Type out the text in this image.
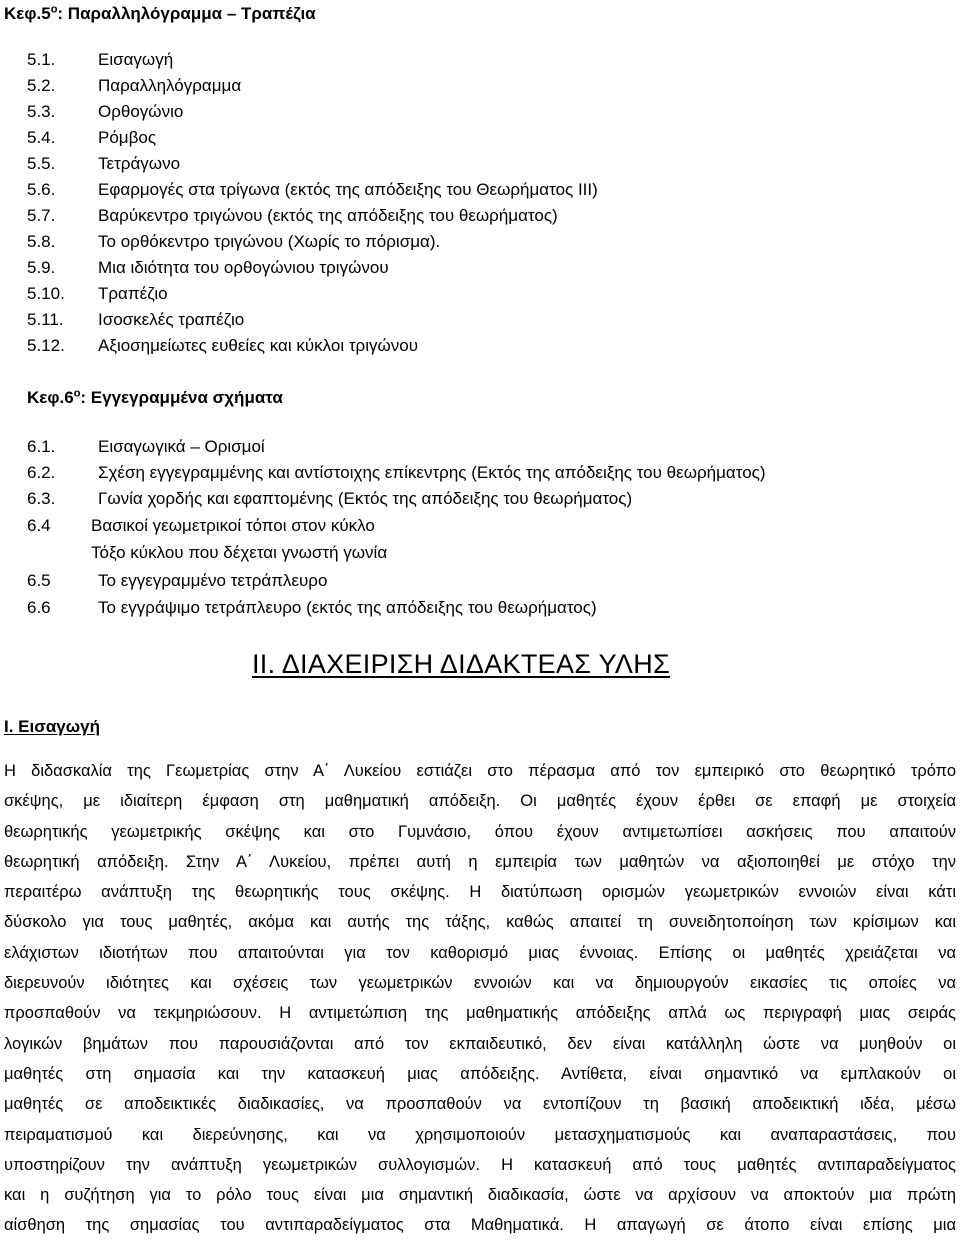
$K\varepsilon\varphi.5^o$: Παραλληλόγραμμα – Τραπέζια
5.1.	Εισαγωγή
5.2.	Παραλληλόγραμμα
5.3.	Ορθογώνιο
5.4.	Ρόμβος
5.5.	Τετράγωνο
5.6.	Εφαρμογές στα τρίγωνα (εκτός της απόδειξης του Θεωρήματος ΙΙΙ)
5.7.	Βαρύκεντρο τριγώνου (εκτός της απόδειξης του θεωρήματος)
5.8.	Το ορθόκεντρο τριγώνου (Χωρίς το πόρισμα).
5.9.	Μια ιδιότητα του ορθογώνιου τριγώνου
5.10. Τραπέζιο
5.11. Ισοσκελές τραπέζιο
5.12. Αξιοσημείωτες ευθείες και κύκλοι τριγώνου
$K\varepsilon\varphi.6^o$: Εγγεγραμμένα σχήματα
6.1.	Εισαγωγικά – Ορισμοί
6.2.	Σχέση εγγεγραμμένης και αντίστοιχης επίκεντρης (Εκτός της απόδειξης του θεωρήματος)
6.3.	Γωνία χορδής και εφαπτομένης (Εκτός της απόδειξης του θεωρήματος)
6.4 Βασικοί γεωμετρικοί τόποι στον κύκλο
Τόξο κύκλου που δέχεται γνωστή γωνία
6.5	Το εγγεγραμμένο τετράπλευρο
6.6	Το εγγράψιμο τετράπλευρο (εκτός της απόδειξης του θεωρήματος)
ΙΙ. ΔΙΑΧΕΙΡΙΣΗ ΔΙΔΑΚΤΕΑΣ ΥΛΗΣ
Ι. Εισαγωγή
Η διδασκαλία της Γεωμετρίας στην Α΄ Λυκείου εστιάζει στο πέρασμα από τον εμπειρικό στο θεωρητικό τρόπο
σκέψης, με ιδιαίτερη έμφαση στη μαθηματική απόδειξη. Οι μαθητές έχουν έρθει σε επαφή με στοιχεία
θεωρητικής γεωμετρικής σκέψης και στο Γυμνάσιο, όπου έχουν αντιμετωπίσει ασκήσεις που απαιτούν
θεωρητική απόδειξη. Στην Α΄ Λυκείου, πρέπει αυτή η εμπειρία των μαθητών να αξιοποιηθεί με στόχο την
περαιτέρω ανάπτυξη της θεωρητικής τους σκέψης. Η διατύπωση ορισμών γεωμετρικών εννοιών είναι κάτι
δύσκολο για τους μαθητές, ακόμα και αυτής της τάξης, καθώς απαιτεί τη συνειδητοποίηση των κρίσιμων και
ελάχιστων ιδιοτήτων που απαιτούνται για τον καθορισμό μιας έννοιας. Επίσης οι μαθητές χρειάζεται να
διερευνούν ιδιότητες και σχέσεις των γεωμετρικών εννοιών και να δημιουργούν εικασίες τις οποίες να
προσπαθούν να τεκμηριώσουν. Η αντιμετώπιση της μαθηματικής απόδειξης απλά ως περιγραφή μιας σειράς
λογικών βημάτων που παρουσιάζονται από τον εκπαιδευτικό, δεν είναι κατάλληλη ώστε να μυηθούν οι
μαθητές στη σημασία και την κατασκευή μιας απόδειξης. Αντίθετα, είναι σημαντικό να εμπλακούν οι
μαθητές σε αποδεικτικές διαδικασίες, να προσπαθούν να εντοπίζουν τη βασική αποδεικτική ιδέα, μέσω
πειραματισμού και διερεύνησης, και να χρησιμοποιούν μετασχηματισμούς και αναπαραστάσεις, που
υποστηρίζουν την ανάπτυξη γεωμετρικών συλλογισμών. Η κατασκευή από τους μαθητές αντιπαραδείγματος
και η συζήτηση για το ρόλο τους είναι μια σημαντική διαδικασία, ώστε να αρχίσουν να αποκτούν μια πρώτη
αίσθηση της σημασίας του αντιπαραδείγματος στα Μαθηματικά. Η απαγωγή σε άτοπο είναι επίσης μια
